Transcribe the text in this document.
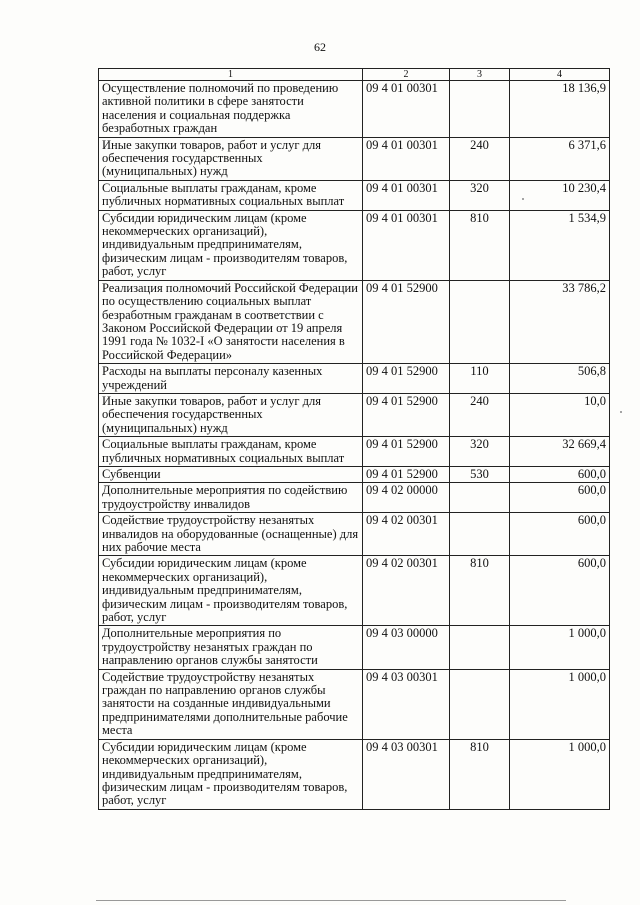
62
1	2	3	4
Осуществление полномочий по проведению активной политики в сфере занятости населения и социальная поддержка безработных граждан	09 4 01 00301		18 136,9
Иные закупки товаров, работ и услуг для обеспечения государственных (муниципальных) нужд	09 4 01 00301	240	6 371,6
Социальные выплаты гражданам, кроме публичных нормативных социальных выплат	09 4 01 00301	320	10 230,4
Субсидии юридическим лицам (кроме некоммерческих организаций), индивидуальным предпринимателям, физическим лицам - производителям товаров, работ, услуг	09 4 01 00301	810	1 534,9
Реализация полномочий Российской Федерации по осуществлению социальных выплат безработным гражданам в соответствии с Законом Российской Федерации от 19 апреля 1991 года № 1032-I «О занятости населения в Российской Федерации»	09 4 01 52900		33 786,2
Расходы на выплаты персоналу казенных учреждений	09 4 01 52900	110	506,8
Иные закупки товаров, работ и услуг для обеспечения государственных (муниципальных) нужд	09 4 01 52900	240	10,0
Социальные выплаты гражданам, кроме публичных нормативных социальных выплат	09 4 01 52900	320	32 669,4
Субвенции	09 4 01 52900	530	600,0
Дополнительные мероприятия по содействию трудоустройству инвалидов	09 4 02 00000		600,0
Содействие трудоустройству незанятых инвалидов на оборудованные (оснащенные) для них рабочие места	09 4 02 00301		600,0
Субсидии юридическим лицам (кроме некоммерческих организаций), индивидуальным предпринимателям, физическим лицам - производителям товаров, работ, услуг	09 4 02 00301	810	600,0
Дополнительные мероприятия по трудоустройству незанятых граждан по направлению органов службы занятости	09 4 03 00000		1 000,0
Содействие трудоустройству незанятых граждан по направлению органов службы занятости на созданные индивидуальными предпринимателями дополнительные рабочие места	09 4 03 00301		1 000,0
Субсидии юридическим лицам (кроме некоммерческих организаций), индивидуальным предпринимателям, физическим лицам - производителям товаров, работ, услуг	09 4 03 00301	810	1 000,0
